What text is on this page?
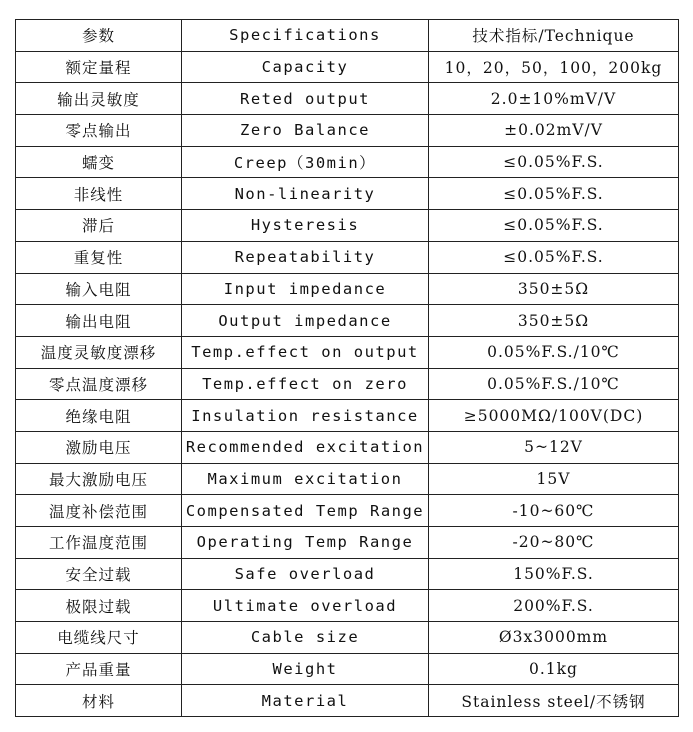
参数	Specifications	技术指标/Technique
额定量程	Capacity	10，20，50，100，200kg
输出灵敏度	Reted output	2.0±10%mV/V
零点输出	Zero Balance	±0.02mV/V
蠕变	Creep（30min）	≤0.05%F.S.
非线性	Non-linearity	≤0.05%F.S.
滞后	Hysteresis	≤0.05%F.S.
重复性	Repeatability	≤0.05%F.S.
输入电阻	Input impedance	350±5Ω
输出电阻	Output impedance	350±5Ω
温度灵敏度漂移	Temp.effect on output	0.05%F.S./10℃
零点温度漂移	Temp.effect on zero	0.05%F.S./10℃
绝缘电阻	Insulation resistance	≥5000MΩ/100V(DC)
激励电压	Recommended excitation	5~12V
最大激励电压	Maximum excitation	15V
温度补偿范围	Compensated Temp Range	-10~60℃
工作温度范围	Operating Temp Range	-20~80℃
安全过载	Safe overload	150%F.S.
极限过载	Ultimate overload	200%F.S.
电缆线尺寸	Cable size	Ø3x3000mm
产品重量	Weight	0.1kg
材料	Material	Stainless steel/不锈钢
